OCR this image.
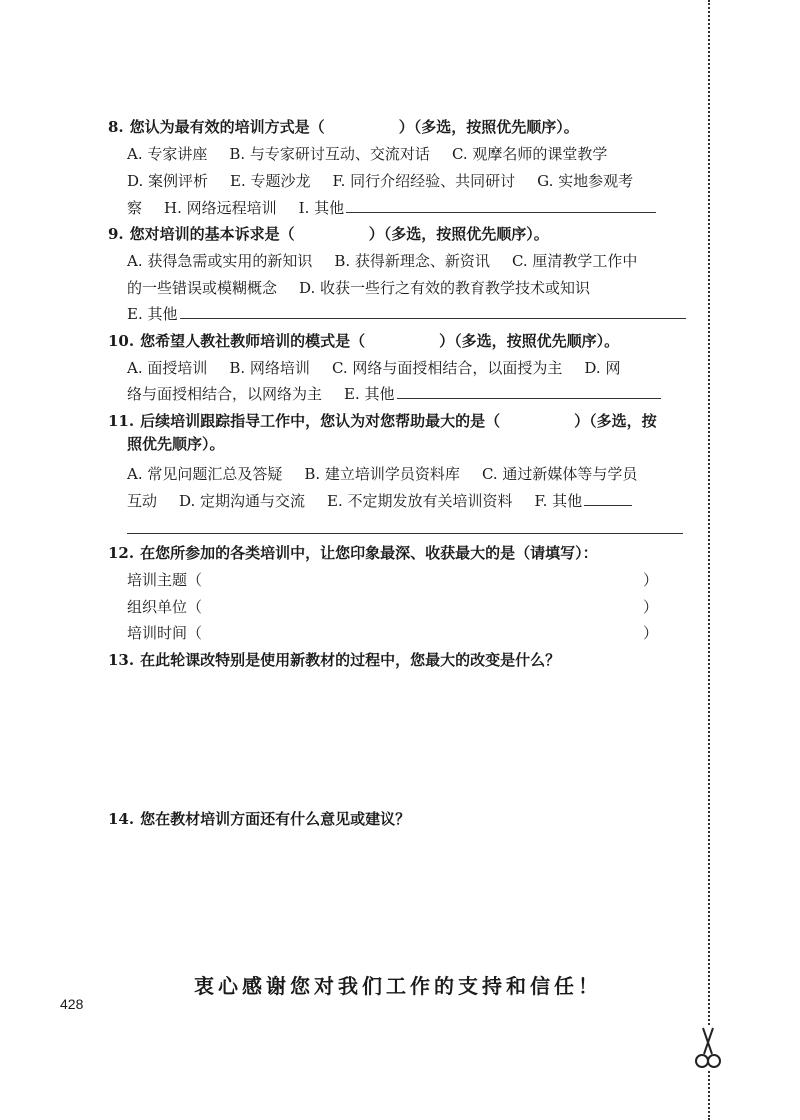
8. 您认为最有效的培训方式是（	）（多选，按照优先顺序）。
A. 专家讲座 B. 与专家研讨互动、交流对话 C. 观摩名师的课堂教学
D. 案例评析 E. 专题沙龙 F. 同行介绍经验、共同研讨 G. 实地参观考
察 H. 网络远程培训 I. 其他
9. 您对培训的基本诉求是（	）（多选，按照优先顺序）。
A. 获得急需或实用的新知识 B. 获得新理念、新资讯 C. 厘清教学工作中
的一些错误或模糊概念 D. 收获一些行之有效的教育教学技术或知识
E. 其他
10. 您希望人教社教师培训的模式是（	）（多选，按照优先顺序）。
A. 面授培训 B. 网络培训 C. 网络与面授相结合，以面授为主 D. 网
络与面授相结合，以网络为主 E. 其他
11. 后续培训跟踪指导工作中，您认为对您帮助最大的是（	）（多选，按
照优先顺序）。
A. 常见问题汇总及答疑 B. 建立培训学员资料库 C. 通过新媒体等与学员
互动 D. 定期沟通与交流 E. 不定期发放有关培训资料 F. 其他
12. 在您所参加的各类培训中，让您印象最深、收获最大的是（请填写）：
培训主题（	）
组织单位（	）
培训时间（	）
13. 在此轮课改特别是使用新教材的过程中，您最大的改变是什么？
14. 您在教材培训方面还有什么意见或建议？
衷心感谢您对我们工作的支持和信任！
428
